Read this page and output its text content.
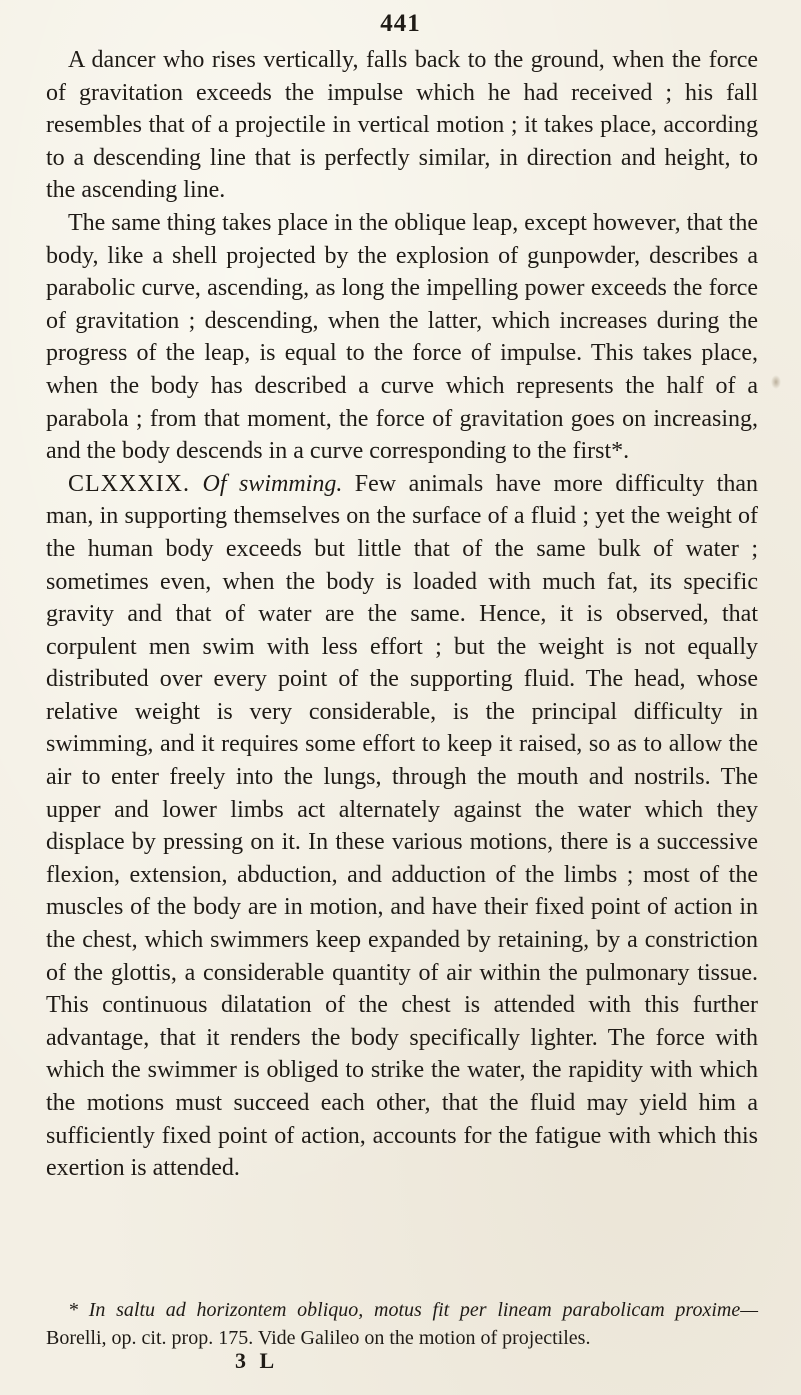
441

A dancer who rises vertically, falls back to the ground, when the force of gravitation exceeds the impulse which he had received ; his fall resembles that of a projectile in vertical motion ; it takes place, according to a descending line that is perfectly similar, in direction and height, to the ascending line.

The same thing takes place in the oblique leap, except however, that the body, like a shell projected by the explosion of gunpowder, describes a parabolic curve, ascending, as long the impelling power exceeds the force of gravitation ; descending, when the latter, which increases during the progress of the leap, is equal to the force of impulse. This takes place, when the body has described a curve which represents the half of a parabola ; from that moment, the force of gravitation goes on increasing, and the body descends in a curve corresponding to the first*.

CLXXXIX. Of swimming. Few animals have more difficulty than man, in supporting themselves on the surface of a fluid ; yet the weight of the human body exceeds but little that of the same bulk of water ; sometimes even, when the body is loaded with much fat, its specific gravity and that of water are the same. Hence, it is observed, that corpulent men swim with less effort ; but the weight is not equally distributed over every point of the supporting fluid. The head, whose relative weight is very considerable, is the principal difficulty in swimming, and it requires some effort to keep it raised, so as to allow the air to enter freely into the lungs, through the mouth and nostrils. The upper and lower limbs act alternately against the water which they displace by pressing on it. In these various motions, there is a successive flexion, extension, abduction, and adduction of the limbs ; most of the muscles of the body are in motion, and have their fixed point of action in the chest, which swimmers keep expanded by retaining, by a constriction of the glottis, a considerable quantity of air within the pulmonary tissue. This continuous dilatation of the chest is attended with this further advantage, that it renders the body specifically lighter. The force with which the swimmer is obliged to strike the water, the rapidity with which the motions must succeed each other, that the fluid may yield him a sufficiently fixed point of action, accounts for the fatigue with which this exertion is attended.

* In saltu ad horizontem obliquo, motus fit per lineam parabolicam proxime— Borelli, op. cit. prop. 175. Vide Galileo on the motion of projectiles.

3 L
